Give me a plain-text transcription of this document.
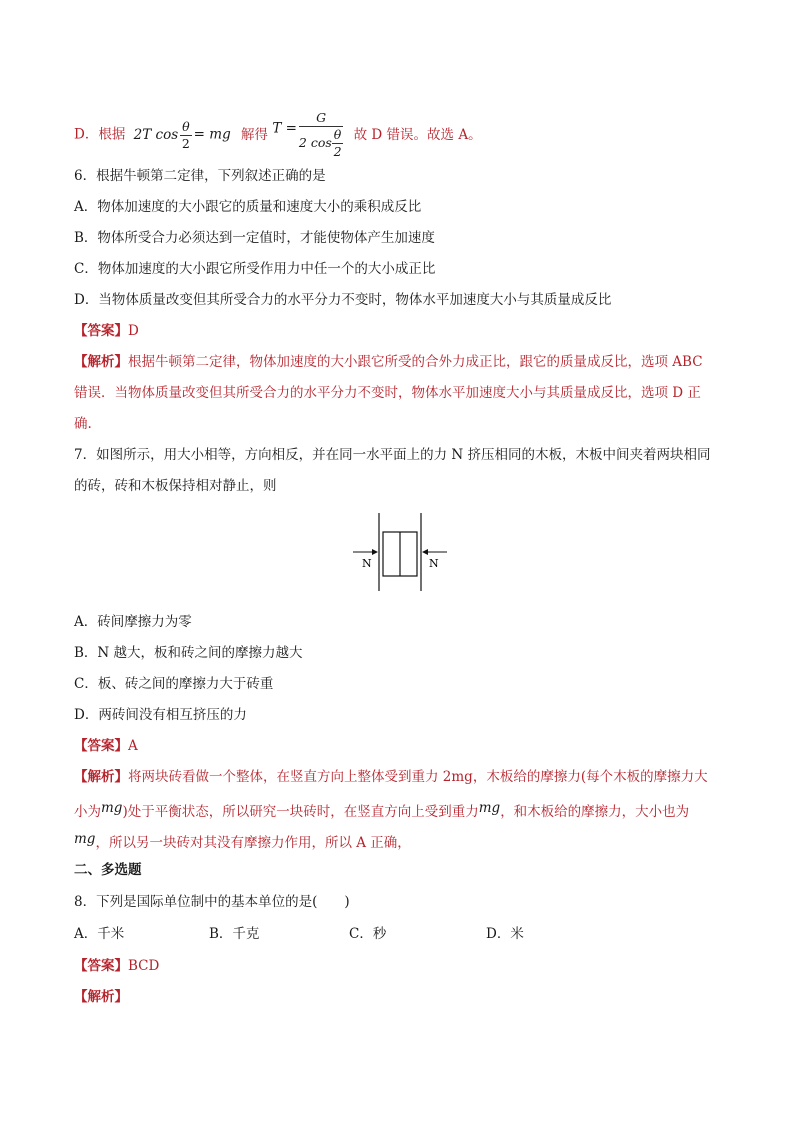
D．根据 2T $\cos \frac{\theta}{2}$ = mg 解得 $T = \frac{G}{2 \cos \frac{\theta}{2}}$ 故 D 错误。故选 A。
6．根据牛顿第二定律，下列叙述正确的是
A．物体加速度的大小跟它的质量和速度大小的乘积成反比
B．物体所受合力必须达到一定值时，才能使物体产生加速度
C．物体加速度的大小跟它所受作用力中任一个的大小成正比
D．当物体质量改变但其所受合力的水平分力不变时，物体水平加速度大小与其质量成反比
【答案】D
【解析】根据牛顿第二定律，物体加速度的大小跟它所受的合外力成正比，跟它的质量成反比，选项 ABC
错误．当物体质量改变但其所受合力的水平分力不变时，物体水平加速度大小与其质量成反比，选项 D 正
确.
7．如图所示，用大小相等，方向相反，并在同一水平面上的力 N 挤压相同的木板，木板中间夹着两块相同
的砖，砖和木板保持相对静止，则
N	N
A．砖间摩擦力为零
B．N 越大，板和砖之间的摩擦力越大
C．板、砖之间的摩擦力大于砖重
D．两砖间没有相互挤压的力
【答案】A
【解析】将两块砖看做一个整体，在竖直方向上整体受到重力 2mg，木板给的摩擦力(每个木板的摩擦力大
小为mg)处于平衡状态，所以研究一块砖时，在竖直方向上受到重力mg，和木板给的摩擦力，大小也为
mg，所以另一块砖对其没有摩擦力作用，所以 A 正确，
二、多选题
8．下列是国际单位制中的基本单位的是(　　)
A．千米	B．千克	C．秒	D．米
【答案】BCD
【解析】
